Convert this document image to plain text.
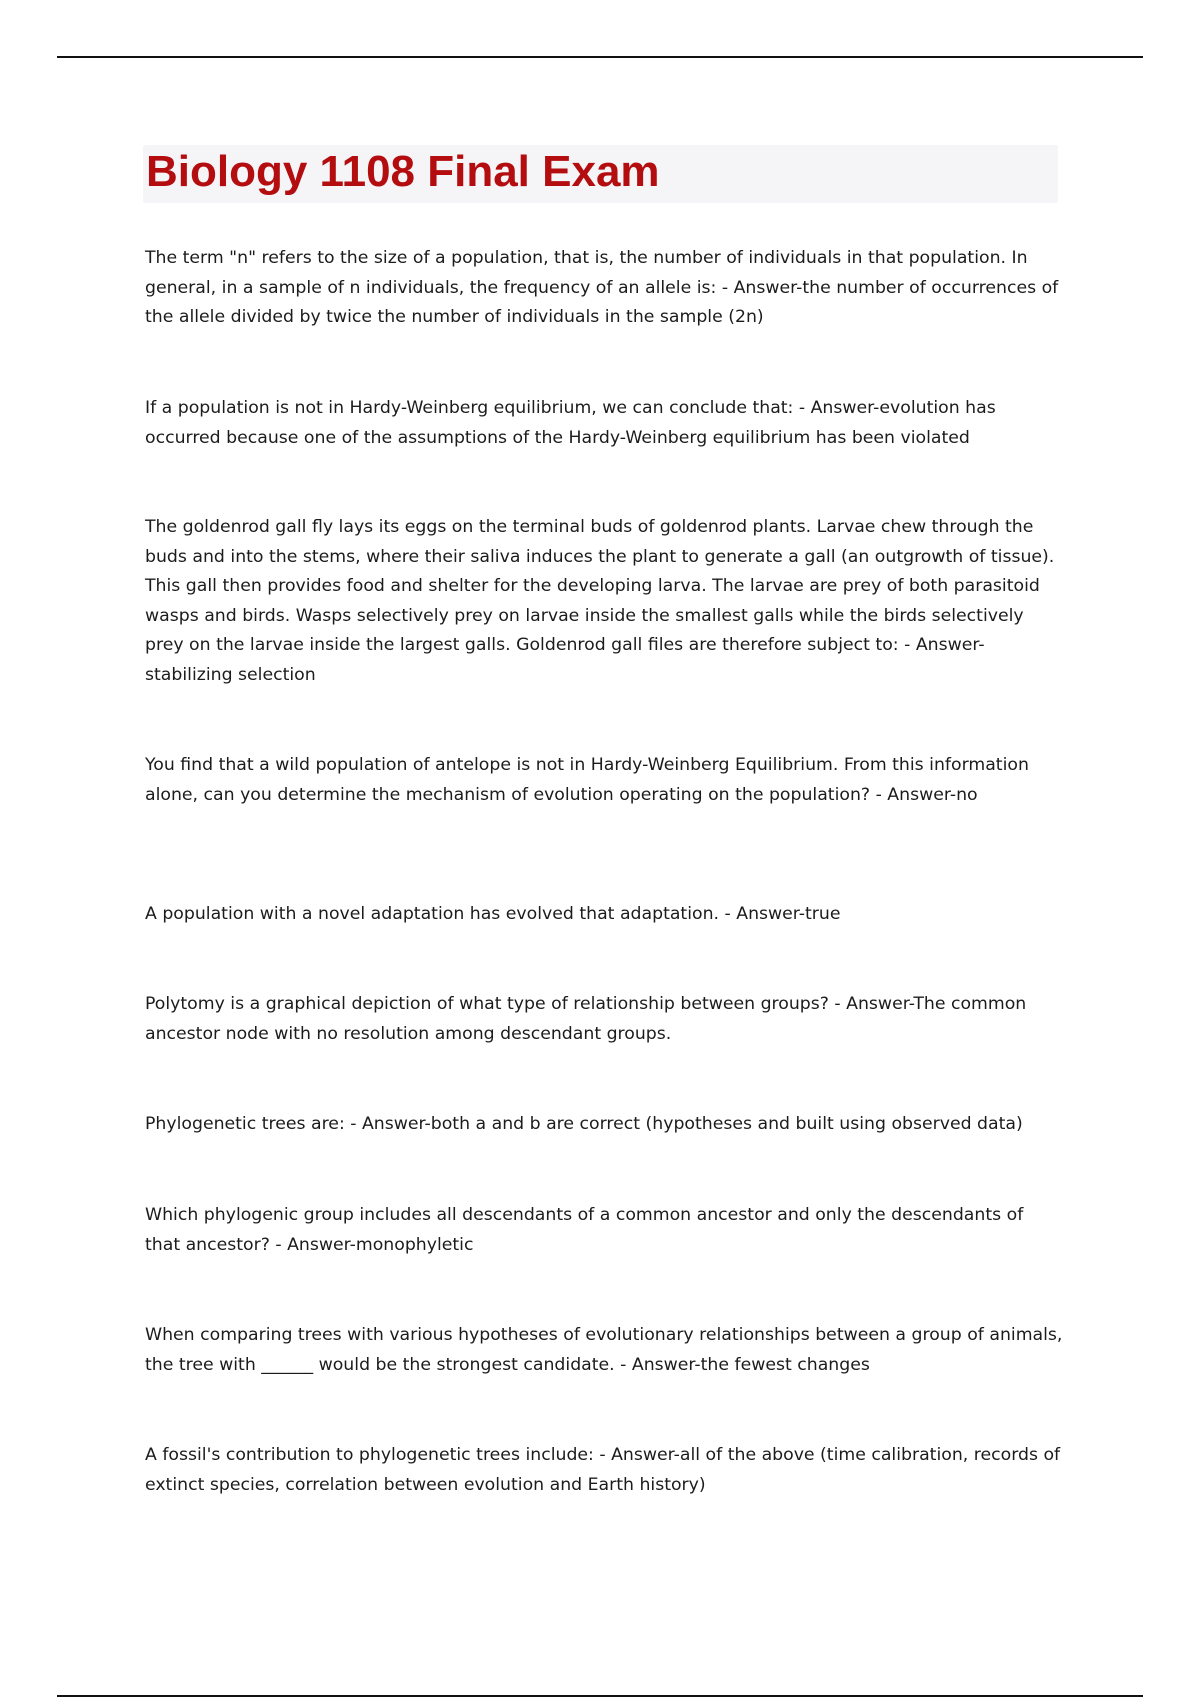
Biology 1108 Final Exam

The term "n" refers to the size of a population, that is, the number of individuals in that population. In general, in a sample of n individuals, the frequency of an allele is: - Answer-the number of occurrences of the allele divided by twice the number of individuals in the sample (2n)

If a population is not in Hardy-Weinberg equilibrium, we can conclude that: - Answer-evolution has occurred because one of the assumptions of the Hardy-Weinberg equilibrium has been violated

The goldenrod gall fly lays its eggs on the terminal buds of goldenrod plants. Larvae chew through the buds and into the stems, where their saliva induces the plant to generate a gall (an outgrowth of tissue). This gall then provides food and shelter for the developing larva. The larvae are prey of both parasitoid wasps and birds. Wasps selectively prey on larvae inside the smallest galls while the birds selectively prey on the larvae inside the largest galls. Goldenrod gall files are therefore subject to: - Answer-stabilizing selection

You find that a wild population of antelope is not in Hardy-Weinberg Equilibrium. From this information alone, can you determine the mechanism of evolution operating on the population? - Answer-no

A population with a novel adaptation has evolved that adaptation. - Answer-true

Polytomy is a graphical depiction of what type of relationship between groups? - Answer-The common ancestor node with no resolution among descendant groups.

Phylogenetic trees are: - Answer-both a and b are correct (hypotheses and built using observed data)

Which phylogenic group includes all descendants of a common ancestor and only the descendants of that ancestor? - Answer-monophyletic

When comparing trees with various hypotheses of evolutionary relationships between a group of animals, the tree with ______ would be the strongest candidate. - Answer-the fewest changes

A fossil's contribution to phylogenetic trees include: - Answer-all of the above (time calibration, records of extinct species, correlation between evolution and Earth history)
